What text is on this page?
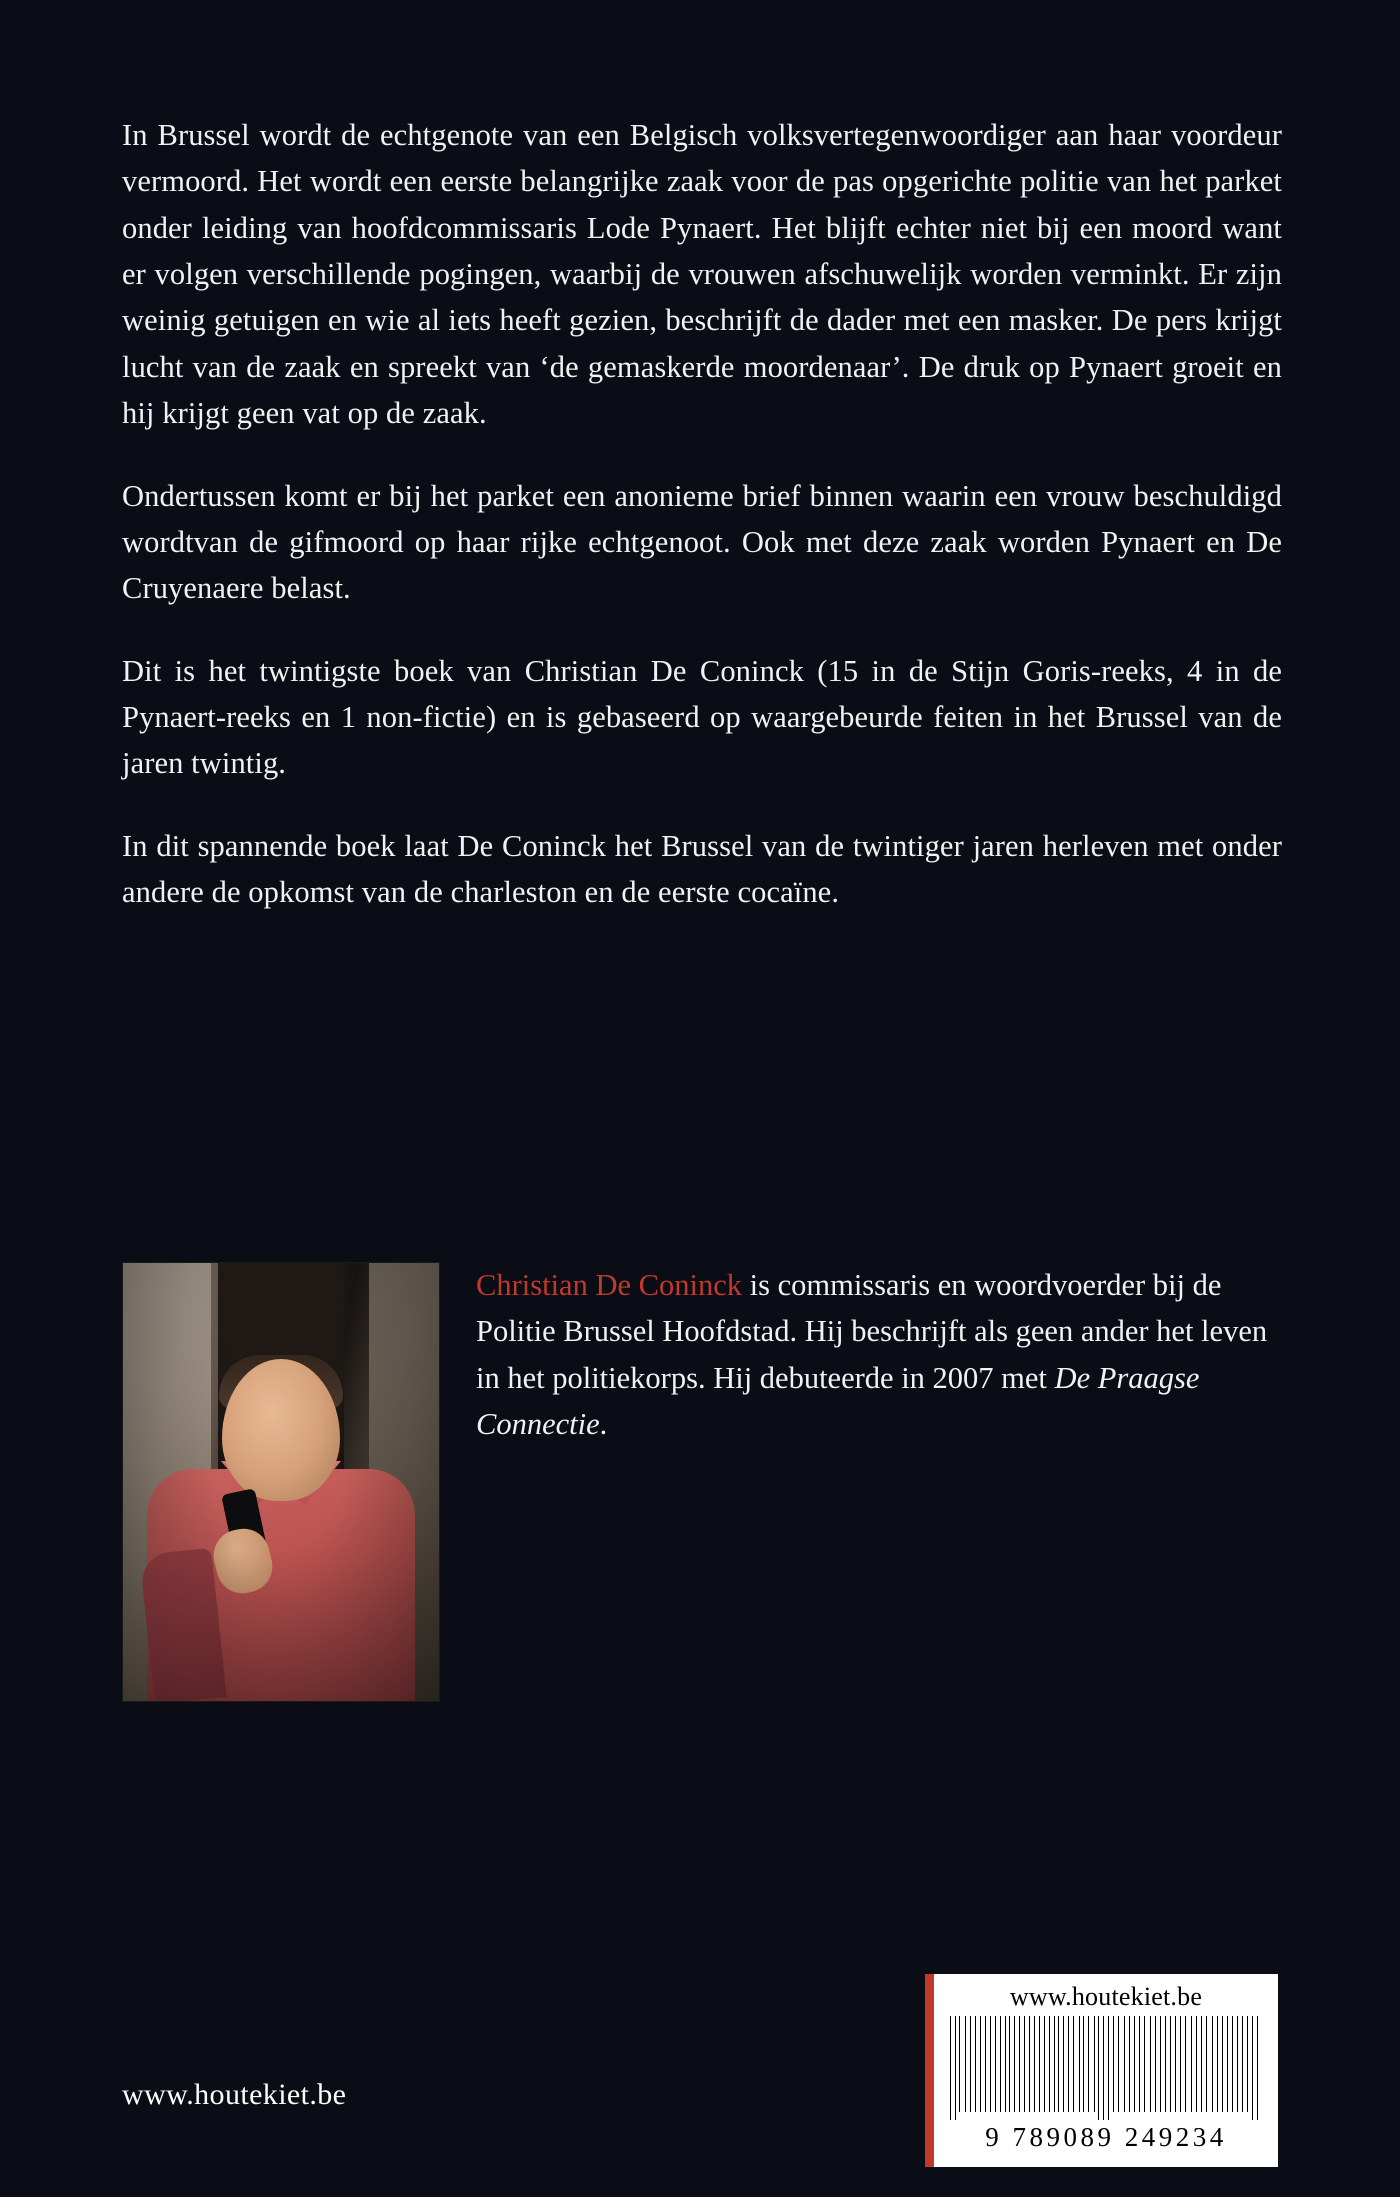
In Brussel wordt de echtgenote van een Belgisch volksvertegenwoordiger aan haar voordeur vermoord. Het wordt een eerste belangrijke zaak voor de pas opgerichte politie van het parket onder leiding van hoofdcommissaris Lode Pynaert. Het blijft echter niet bij een moord want er volgen verschillende pogingen, waarbij de vrouwen afschuwelijk worden verminkt. Er zijn weinig getuigen en wie al iets heeft gezien, beschrijft de dader met een masker. De pers krijgt lucht van de zaak en spreekt van ‘de gemaskerde moordenaar’. De druk op Pynaert groeit en hij krijgt geen vat op de zaak.

Ondertussen komt er bij het parket een anonieme brief binnen waarin een vrouw beschuldigd wordtvan de gifmoord op haar rijke echtgenoot. Ook met deze zaak worden Pynaert en De Cruyenaere belast.

Dit is het twintigste boek van Christian De Coninck (15 in de Stijn Goris-reeks, 4 in de Pynaert-reeks en 1 non-fictie) en is gebaseerd op waargebeurde feiten in het Brussel van de jaren twintig.

In dit spannende boek laat De Coninck het Brussel van de twintiger jaren herleven met onder andere de opkomst van de charleston en de eerste cocaïne.

Christian De Coninck is commissaris en woordvoerder bij de Politie Brussel Hoofdstad. Hij beschrijft als geen ander het leven in het politiekorps. Hij debuteerde in 2007 met De Praagse Connectie.
www.houtekiet.be
www.houtekiet.be
9 789089 249234
